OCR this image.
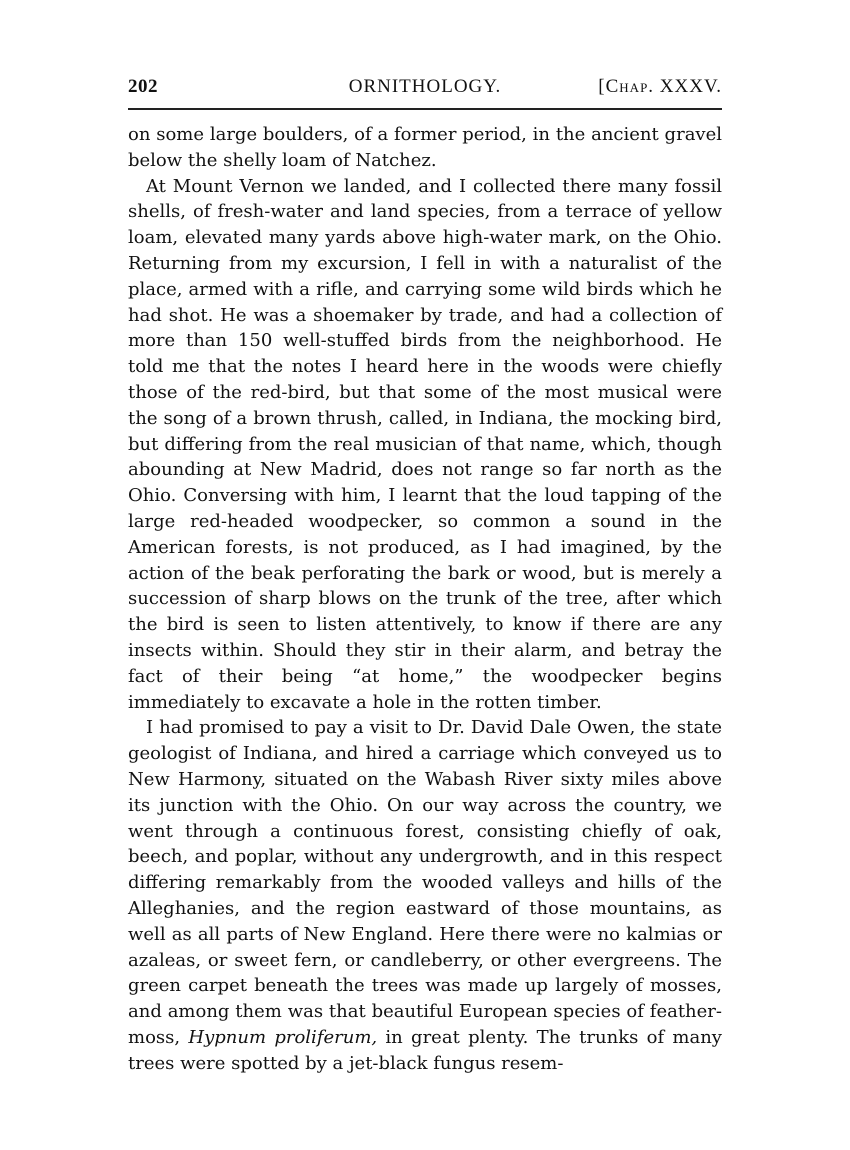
202	ORNITHOLOGY.	[Chap. XXXV.

on some large boulders, of a former period, in the ancient gravel below the shelly loam of Natchez.

At Mount Vernon we landed, and I collected there many fossil shells, of fresh-water and land species, from a terrace of yellow loam, elevated many yards above high-water mark, on the Ohio. Returning from my excursion, I fell in with a naturalist of the place, armed with a rifle, and carrying some wild birds which he had shot. He was a shoemaker by trade, and had a collection of more than 150 well-stuffed birds from the neighborhood. He told me that the notes I heard here in the woods were chiefly those of the red-bird, but that some of the most musical were the song of a brown thrush, called, in Indiana, the mocking bird, but differing from the real musician of that name, which, though abounding at New Madrid, does not range so far north as the Ohio. Conversing with him, I learnt that the loud tapping of the large red-headed woodpecker, so common a sound in the American forests, is not produced, as I had imagined, by the action of the beak perforating the bark or wood, but is merely a succession of sharp blows on the trunk of the tree, after which the bird is seen to listen attentively, to know if there are any insects within. Should they stir in their alarm, and betray the fact of their being “at home,” the woodpecker begins immediately to excavate a hole in the rotten timber.

I had promised to pay a visit to Dr. David Dale Owen, the state geologist of Indiana, and hired a carriage which conveyed us to New Harmony, situated on the Wabash River sixty miles above its junction with the Ohio. On our way across the country, we went through a continuous forest, consisting chiefly of oak, beech, and poplar, without any undergrowth, and in this respect differing remarkably from the wooded valleys and hills of the Alleghanies, and the region eastward of those mountains, as well as all parts of New England. Here there were no kalmias or azaleas, or sweet fern, or candleberry, or other evergreens. The green carpet beneath the trees was made up largely of mosses, and among them was that beautiful European species of feather-moss, Hypnum proliferum, in great plenty. The trunks of many trees were spotted by a jet-black fungus resem-
